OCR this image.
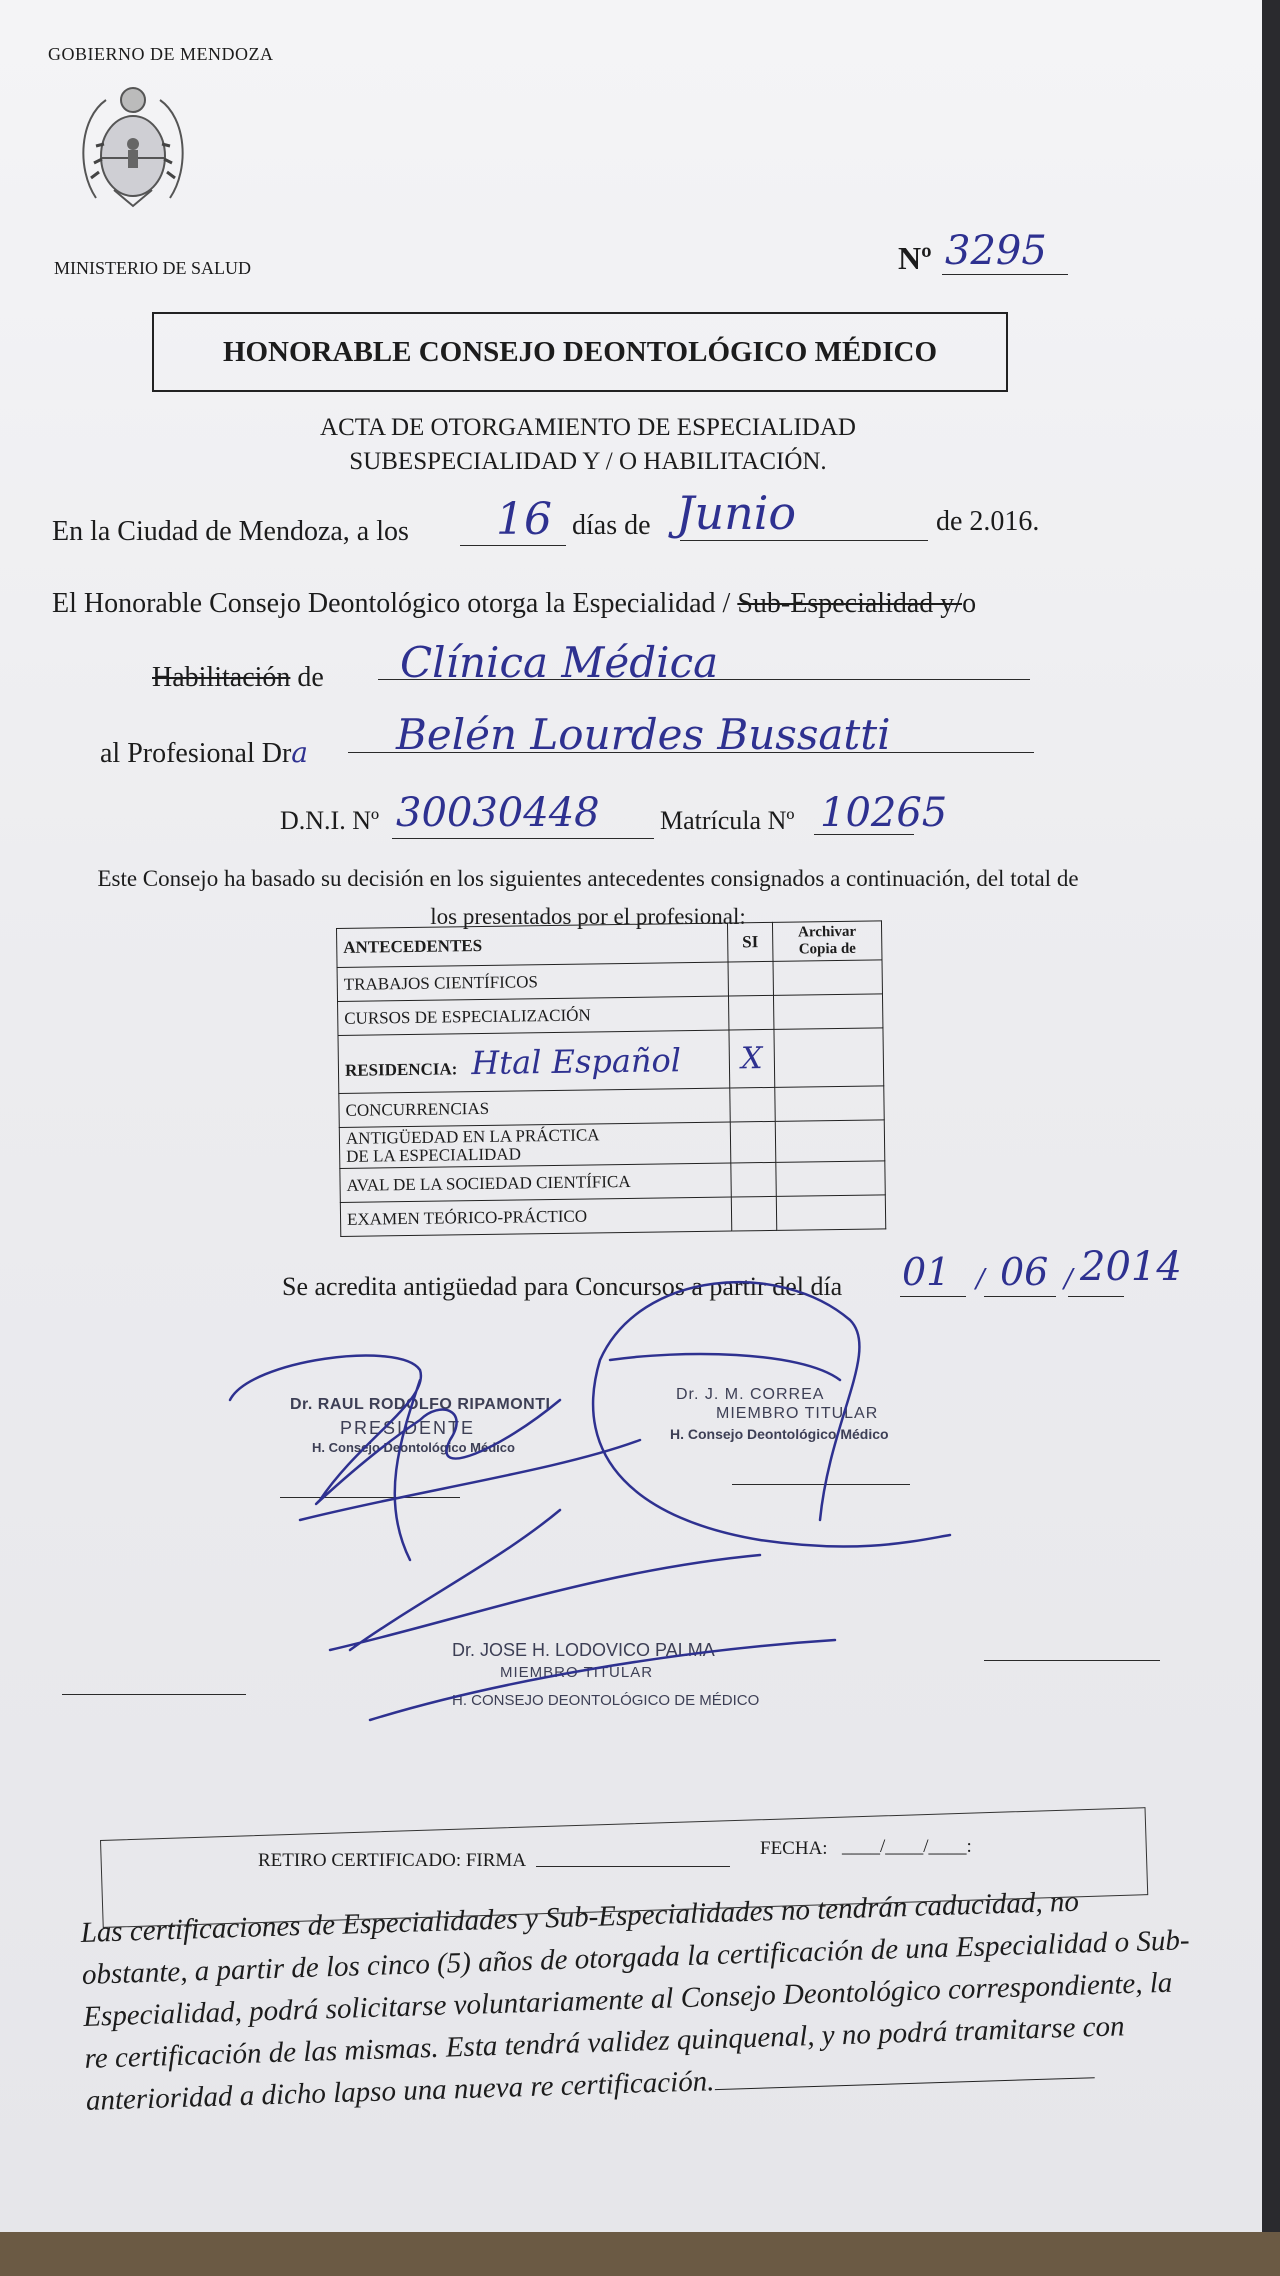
GOBIERNO DE MENDOZA
MINISTERIO DE SALUD	Nº 3295
HONORABLE CONSEJO DEONTOLÓGICO MÉDICO
ACTA DE OTORGAMIENTO DE ESPECIALIDAD
SUBESPECIALIDAD Y / O HABILITACIÓN.
En la Ciudad de Mendoza, a los 16 días de Junio	de 2.016.
El Honorable Consejo Deontológico otorga la Especialidad / Sub-Especialidad y/o
Habilitación de Clínica Médica
al Profesional Dra Belén Lourdes Bussatti
D.N.I. Nº 30030448 Matrícula Nº 10265
Este Consejo ha basado su decisión en los siguientes antecedentes consignados a continuación, del total de
los presentados por el profesional:
ANTECEDENTES	SI	Archivar
Copia de
TRABAJOS CIENTÍFICOS		
CURSOS DE ESPECIALIZACIÓN		
RESIDENCIA: Htal Español	X	
CONCURRENCIAS		
ANTIGÜEDAD EN LA PRÁCTICA
DE LA ESPECIALIDAD		
AVAL DE LA SOCIEDAD CIENTÍFICA		
EXAMEN TEÓRICO-PRÁCTICO		
Se acredita antigüedad para Concursos a partir del día 01 / 06 / 2014
Dr. RAUL RODOLFO RIPAMONTI
PRESIDENTE
H. Consejo Deontológico Médico
Dr. J. M. CORREA
MIEMBRO TITULAR
H. Consejo Deontológico Médico
Dr. JOSE H. LODOVICO PALMA
MIEMBRO TITULAR
H. CONSEJO DEONTOLÓGICO DE MÉDICO
RETIRO CERTIFICADO: FIRMA
FECHA: ____/____/____:
Las certificaciones de Especialidades y Sub-Especialidades no tendrán caducidad, no obstante, a partir de los cinco (5) años de otorgada la certificación de una Especialidad o Sub-Especialidad, podrá solicitarse voluntariamente al Consejo Deontológico correspondiente, la re certificación de las mismas. Esta tendrá validez quinquenal, y no podrá tramitarse con anterioridad a dicho lapso una nueva re certificación.
